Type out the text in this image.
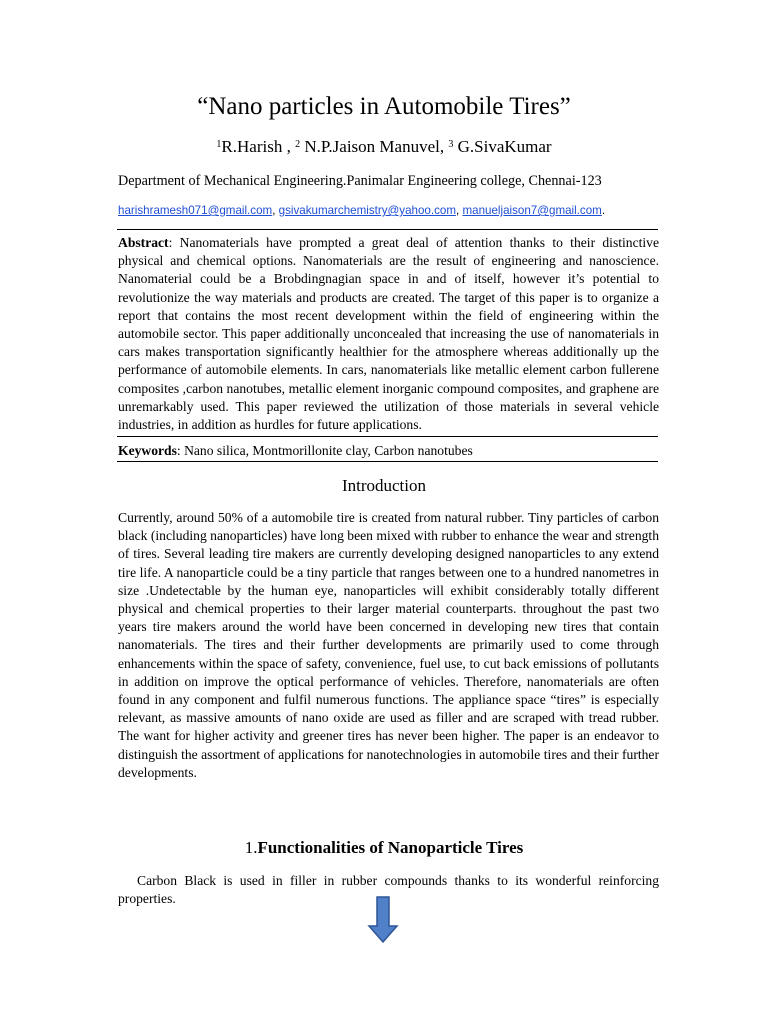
“Nano particles in Automobile Tires”
$^1$R.Harish , $^2$ N.P.Jaison Manuvel, $^3$ G.SivaKumar
Department of Mechanical Engineering.Panimalar Engineering college, Chennai-123
harishramesh071@gmail.com, gsivakumarchemistry@yahoo.com, manueljaison7@gmail.com.
Abstract: Nanomaterials have prompted a great deal of attention thanks to their distinctive physical and chemical options. Nanomaterials are the result of engineering and nanoscience. Nanomaterial could be a Brobdingnagian space in and of itself, however it’s potential to revolutionize the way materials and products are created. The target of this paper is to organize a report that contains the most recent development within the field of engineering within the automobile sector. This paper additionally unconcealed that increasing the use of nanomaterials in cars makes transportation significantly healthier for the atmosphere whereas additionally up the performance of automobile elements. In cars, nanomaterials like metallic element carbon fullerene composites ,carbon nanotubes, metallic element inorganic compound composites, and graphene are unremarkably used. This paper reviewed the utilization of those materials in several vehicle industries, in addition as hurdles for future applications.
Keywords: Nano silica, Montmorillonite clay, Carbon nanotubes
Introduction
Currently, around 50% of a automobile tire is created from natural rubber. Tiny particles of carbon black (including nanoparticles) have long been mixed with rubber to enhance the wear and strength of tires. Several leading tire makers are currently developing designed nanoparticles to any extend tire life. A nanoparticle could be a tiny particle that ranges between one to a hundred nanometres in size .Undetectable by the human eye, nanoparticles will exhibit considerably totally different physical and chemical properties to their larger material counterparts. throughout the past two years tire makers around the world have been concerned in developing new tires that contain nanomaterials. The tires and their further developments are primarily used to come through enhancements within the space of safety, convenience, fuel use, to cut back emissions of pollutants in addition on improve the optical performance of vehicles. Therefore, nanomaterials are often found in any component and fulfil numerous functions. The appliance space “tires” is especially relevant, as massive amounts of nano oxide are used as filler and are scraped with tread rubber. The want for higher activity and greener tires has never been higher. The paper is an endeavor to distinguish the assortment of applications for nanotechnologies in automobile tires and their further developments.
1.Functionalities of Nanoparticle Tires
Carbon Black is used in filler in rubber compounds thanks to its wonderful reinforcing properties.
